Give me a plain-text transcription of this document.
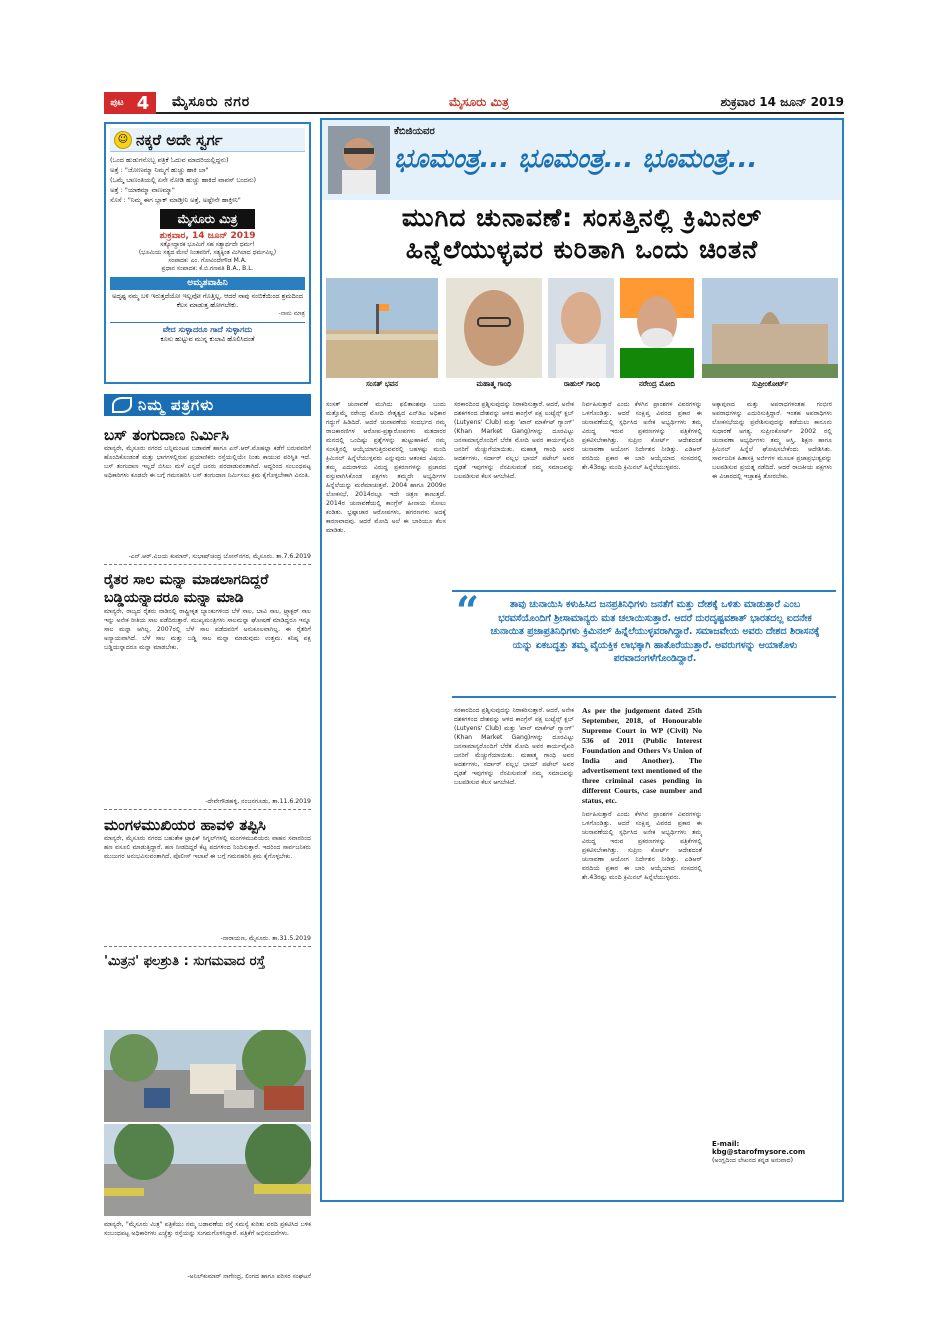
ಪುಟ 4	ಮೈಸೂರು ನಗರ	ಮೈಸೂರು ಮಿತ್ರ	ಶುಕ್ರವಾರ 14 ಜೂನ್ 2019
☺ ನಕ್ಕರೆ ಅದೇ ಸ್ವರ್ಗ
(ಒಂದ ಹುಡುಗನೊಬ್ಬ ಪತ್ರಿಕೆ ಓದುವ ಮಾದರಿಯಲ್ಲಿದ್ದನು)
ಅತ್ತೆ : "ಜೋಣಮ್ಮಾ ನಿಮ್ಮಗೆ ಹುಚ್ಚು ಹಾಕಿ ಬಾ"
(ಒಮ್ಮೆ ಬಾಣಂತಿಯಲ್ಲಿ ಏನೇ ನೋಡಿ ಹುಚ್ಚು ಹಾಕಿದೆ ವಾಪಸ್ ಬಂದನು)
ಅತ್ತೆ : "ಯಾಕಮ್ಮಾ ವಾಣಮ್ಮಾ"
ಸೊಸೆ : "ನಿಮ್ಮ ಈಗ ಬ್ಲಾಕ್ ಮಾಡ್ತೀನಿ ಅತ್ತೆ, ಅಷ್ಟೇನೇ ಹಾಕ್ತೀನಿ"
ಮೈಸೂರು ಮಿತ್ರ
ಶುಕ್ರವಾರ, 14 ಜೂನ್ 2019
ಸತ್ಯೋದ್ಧಾರಕ ಭೂಮಿಗೆ ಸಹ ಸತ್ಯಾರ್ಥದೇ ಧರ್ಮ!
(ಭೂಮಿಯ ಸತ್ಯದ ಮೇಲೆ ನಿಂತವರಿಗೆ, ಸತ್ಯಕ್ಕಿಂತ ಮಿಗಿಲಾದ ಧರ್ಮವಿಲ್ಲ)
ಸಂಪಾದಕ: ಎಂ. ಗೋವಿಂದೇಗೌಡ M.A.
ಪ್ರಧಾನ ಸಂಪಾದಕ: ಕೆ.ಬಿ.ಗಣಪತಿ B.A., B.L.
ಅಮೃತವಾಹಿನಿ
ಅದೃಷ್ಟ ನಮ್ಮ ಬಳಿ ಇರುತ್ತದೆಯೋ ಇಲ್ಲವೋ ಗೊತ್ತಿಲ್ಲ, ಆದರೆ ನಾವು ನಂಬಿಕೆಯಿಂದ ಶ್ರಮದಿಂದ ಕೆಲಸ ಮಾಡುತ್ತ ಹೋಗಬೇಕು.
-ನಾಮ ಮಾತ್ರ
ವೇದ ಸುಳ್ಳಾದರೂ ಗಾದೆ ಸುಳ್ಳಾಗದು
ಕೂಸು ಹುಟ್ಟುವ ಮುನ್ನ ಕುಲಾವಿ ಹೊಲಿಸಿದಂತೆ
ನಿಮ್ಮ ಪತ್ರಗಳು
ಬಸ್ ತಂಗುದಾಣ ನಿರ್ಮಿಸಿ
ಮಾನ್ಯರೇ, ಮೈಸೂರು ನಗರದ ಬನ್ನಿಮಂಟಪ ಬಡಾವಣೆ ಹಾಗೂ ಎನ್.ಆರ್.ಮೊಹಲ್ಲಾ ಕಡೆಗೆ ಬರುವವರಿಗೆ ಹೊಂದಿಕೊಂಡಂತೆ ಮತ್ತು ಭಾಗಗಳಲ್ಲಿರುವ ಪ್ರಯಾಣಿಕರು ರಸ್ತೆಯಲ್ಲಿಯೇ ನಿಂತು ಕಾಯುವ ಪರಿಸ್ಥಿತಿ ಇದೆ. ಬಸ್ ತಂಗುದಾಣ ಇಲ್ಲದೆ ಬಿಸಿಲು ಮಳೆ ಎನ್ನದೆ ಜನರು ಪರದಾಡುವಂತಾಗಿದೆ. ಆದ್ದರಿಂದ ಸಂಬಂಧಪಟ್ಟ ಅಧಿಕಾರಿಗಳು ಕೂಡಲೇ ಈ ಬಗ್ಗೆ ಗಮನಹರಿಸಿ ಬಸ್ ತಂಗುದಾಣ ನಿರ್ಮಿಸಲು ಕ್ರಮ ಕೈಗೊಳ್ಳಬೇಕಾಗಿ ವಿನಂತಿ.
-ಎನ್.ಆರ್.ವಿಜಯ ಕುಮಾರ್, ಸುಭಾಷ್‌ಚಂದ್ರ ಬೋಸ್‌ನಗರ, ಮೈಸೂರು. ತಾ.7.6.2019
ರೈತರ ಸಾಲ ಮನ್ನಾ ಮಾಡಲಾಗದಿದ್ದರೆ ಬಡ್ಡಿಯನ್ನಾದರೂ ಮನ್ನಾ ಮಾಡಿ
ಮಾನ್ಯರೇ, ರಾಜ್ಯದ ರೈತರು ನಾಡಿನಲ್ಲಿ ರಾಷ್ಟ್ರೀಕೃತ ಬ್ಯಾಂಕುಗಳಿಂದ ಬೆಳೆ ಸಾಲ, ಬಾವಿ ಸಾಲ, ಟ್ರ್ಯಾಕ್ಟರ್ ಸಾಲ ಇನ್ನು ಅನೇಕ ರೀತಿಯ ಸಾಲ ಪಡೆದಿರುತ್ತಾರೆ. ಮುಖ್ಯಮಂತ್ರಿಗಳು ಸಾಲಮನ್ನಾ ಘೋಷಣೆ ಮಾಡಿದ್ದರೂ ಇನ್ನೂ ಸಾಲ ಮನ್ನಾ ಆಗಿಲ್ಲ. 2007ರಲ್ಲಿ ಬೆಳೆ ಸಾಲ ಪಡೆದವರಿಗೆ ಅನುಕೂಲವಾಗಿಲ್ಲ. ಈ ರೈತರಿಗೆ ಅನ್ಯಾಯವಾಗಿದೆ. ಬೆಳೆ ಸಾಲ ಮತ್ತು ಬಡ್ಡಿ ಸಾಲ ಮನ್ನಾ ಮಾಡುವುದು ಉತ್ತಮ. ಕನಿಷ್ಠ ಪಕ್ಷ ಬಡ್ಡಿಯನ್ನಾದರೂ ಮನ್ನಾ ಮಾಡಬೇಕು.
-ದೇವೇಗೌಡಹಳ್ಳಿ, ನಂಜನಗೂಡು, ತಾ.11.6.2019
ಮಂಗಳಮುಖಿಯರ ಹಾವಳಿ ತಪ್ಪಿಸಿ
ಮಾನ್ಯರೇ, ಮೈಸೂರು ನಗರದ ಬಹುತೇಕ ಟ್ರಾಫಿಕ್ ಸಿಗ್ನಲ್‌ಗಳಲ್ಲಿ ಮಂಗಳಮುಖಿಯರು ವಾಹನ ಸವಾರರಿಂದ ಹಣ ವಸೂಲಿ ಮಾಡುತ್ತಿದ್ದಾರೆ. ಹಣ ನೀಡದಿದ್ದರೆ ಕೆಟ್ಟ ಪದಗಳಿಂದ ನಿಂದಿಸುತ್ತಾರೆ. ಇದರಿಂದ ಸಾರ್ವಜನಿಕರು ಮುಜುಗರ ಅನುಭವಿಸುವಂತಾಗಿದೆ. ಪೊಲೀಸ್ ಇಲಾಖೆ ಈ ಬಗ್ಗೆ ಗಮನಹರಿಸಿ ಕ್ರಮ ಕೈಗೊಳ್ಳಬೇಕು.
-ನಾರಾಯಣ, ಮೈಸೂರು. ತಾ.31.5.2019
'ಮಿತ್ರನ' ಫಲಶ್ರುತಿ : ಸುಗಮವಾದ ರಸ್ತೆ
ಮಾನ್ಯರೇ, "ಮೈಸೂರು ಮಿತ್ರ" ಪತ್ರಿಕೆಯು ನಮ್ಮ ಬಡಾವಣೆಯ ರಸ್ತೆ ಸಮಸ್ಯೆ ಕುರಿತು ವರದಿ ಪ್ರಕಟಿಸಿದ ಬಳಿಕ ಸಂಬಂಧಪಟ್ಟ ಅಧಿಕಾರಿಗಳು ಎಚ್ಚೆತ್ತು ರಸ್ತೆಯನ್ನು ಸುಗಮಗೊಳಿಸಿದ್ದಾರೆ. ಪತ್ರಿಕೆಗೆ ಅಭಿನಂದನೆಗಳು.
-ಅನಿಲ್‌ಕುಮಾರ್ ನಾಗೇಂದ್ರ, ಲಿಂಗದ ಹಾಗೂ ಪರಿಸರ ಸಂಘಟನೆ
ಕೆಬಿಜಿಯವರ
ಭೂಮಂತ್ರ... ಭೂಮಂತ್ರ... ಭೂಮಂತ್ರ...
ಮುಗಿದ ಚುನಾವಣೆ: ಸಂಸತ್ತಿನಲ್ಲಿ ಕ್ರಿಮಿನಲ್
ಹಿನ್ನೆಲೆಯುಳ್ಳವರ ಕುರಿತಾಗಿ ಒಂದು ಚಿಂತನೆ
ಸಂಸತ್ ಭವನ	ಮಹಾತ್ಮ ಗಾಂಧಿ	ರಾಹುಲ್ ಗಾಂಧಿ	ನರೇಂದ್ರ ಮೋದಿ	ಸುಪ್ರೀಂಕೋರ್ಟ್
ಸಂಸತ್ ಚುನಾವಣೆ ಮುಗಿದು ಫಲಿತಾಂಶವೂ ಬಂದು ಮತ್ತೊಮ್ಮೆ ನರೇಂದ್ರ ಮೋದಿ ನೇತೃತ್ವದ ಎನ್‌ಡಿಎ ಅಧಿಕಾರ ಗದ್ದುಗೆ ಹಿಡಿದಿದೆ. ಆದರೆ ಚುನಾವಣೆಯ ಸಂದರ್ಭದ ನಮ್ಮ ರಾಜಕಾರಣಿಗಳ ಆರೋಪ-ಪ್ರತ್ಯಾರೋಪಗಳು ಮತದಾರರ ಮನದಲ್ಲಿ ಒಂದಿಷ್ಟು ಪ್ರಶ್ನೆಗಳನ್ನು ಹುಟ್ಟುಹಾಕಿವೆ. ನಮ್ಮ ಸಂಸತ್ತಿನಲ್ಲಿ ಆಯ್ಕೆಯಾಗುತ್ತಿರುವವರಲ್ಲಿ ಬಹಳಷ್ಟು ಮಂದಿ ಕ್ರಿಮಿನಲ್ ಹಿನ್ನೆಲೆಯುಳ್ಳವರು ಎನ್ನುವುದು ಆತಂಕದ ವಿಷಯ. ತಮ್ಮ ಎದುರಾಳಿಯ ವಿರುದ್ಧ ಪ್ರಕರಣಗಳನ್ನು ಪ್ರಚಾರದ ವಸ್ತುವಾಗಿಸಿಕೊಂಡ ಪಕ್ಷಗಳು ತಮ್ಮದೇ ಅಭ್ಯರ್ಥಿಗಳ ಹಿನ್ನೆಲೆಯನ್ನು ಮರೆಮಾಚುತ್ತವೆ. 2004 ಹಾಗೂ 2009ರ ಲೋಕಸಭೆ, 2014ರಲ್ಲೂ ಇದೇ ಚಿತ್ರಣ ಕಾಣುತ್ತದೆ. 2014ರ ಚುನಾವಣೆಯಲ್ಲಿ ಕಾಂಗ್ರೆಸ್ ಹೀನಾಯ ಸೋಲು ಕಂಡಿತು. ಭ್ರಷ್ಟಾಚಾರ ಆರೋಪಗಳು, ಹಗರಣಗಳು ಅದಕ್ಕೆ ಕಾರಣವಾದವು. ಆದರೆ ಮೋದಿ ಅಲೆ ಈ ಬಾರಿಯೂ ಕೆಲಸ ಮಾಡಿತು.
ಸರಕಾರದಿಂದ ಪ್ರಶ್ನಿಸುವುದನ್ನು ನಿರಾಕರಿಸುತ್ತಾರೆ. ಆದರೆ, ಅನೇಕ ದಶಕಗಳಿಂದ ದೇಶವನ್ನು ಆಳಿದ ಕಾಂಗ್ರೆಸ್ ಪಕ್ಷ ಲುಟ್ಯೆನ್ಸ್ ಕ್ಲಬ್ (Lutyens' Club) ಮತ್ತು 'ಖಾನ್ ಮಾರ್ಕೆಟ್ ಗ್ಯಾಂಗ್' (Khan Market Gang)ಗಳನ್ನು ದೂರವಿಟ್ಟು ಜನಸಾಮಾನ್ಯರೊಂದಿಗೆ ಬೆರೆತ ಮೋದಿ ಅವರ ಕಾರ್ಯವೈಖರಿ ಜನರಿಗೆ ಮೆಚ್ಚುಗೆಯಾಯಿತು. ಮಹಾತ್ಮ ಗಾಂಧಿ ಅವರ ಆದರ್ಶಗಳು, ಸರ್ದಾರ್ ವಲ್ಲಭ ಭಾಯ್ ಪಟೇಲ್ ಅವರ ದೃಢತೆ ಇವುಗಳನ್ನು ನೆನಪಿಸುವಂತೆ ನಮ್ಮ ಸಮಾಜವನ್ನು ಬಲಪಡಿಸುವ ಕೆಲಸ ಆಗಬೇಕಿದೆ.
ನಿರ್ವಹಿಸುತ್ತಾರೆ ಎಂದು ಕೆಳಗಿನ ಪ್ರಾಂಶಗಳ ವಿವರಗಳನ್ನು ಒಳಗೊಂಡಿತ್ತು. ಆದರೆ ಸಂಕ್ಷಿಪ್ತ ವಿವರದ ಪ್ರಕಾರ ಈ ಚುನಾವಣೆಯಲ್ಲಿ ಸ್ಪರ್ಧಿಸಿದ ಅನೇಕ ಅಭ್ಯರ್ಥಿಗಳು ತಮ್ಮ ವಿರುದ್ಧ ಇರುವ ಪ್ರಕರಣಗಳನ್ನು ಪತ್ರಿಕೆಗಳಲ್ಲಿ ಪ್ರಕಟಿಸಬೇಕಾಗಿತ್ತು. ಸುಪ್ರೀಂ ಕೋರ್ಟ್ ಆದೇಶದಂತೆ ಚುನಾವಣಾ ಆಯೋಗ ನಿರ್ದೇಶನ ನೀಡಿತ್ತು. ಎಡಿಆರ್ ವರದಿಯ ಪ್ರಕಾರ ಈ ಬಾರಿ ಆಯ್ಕೆಯಾದ ಸಂಸದರಲ್ಲಿ ಶೇ.43ರಷ್ಟು ಮಂದಿ ಕ್ರಿಮಿನಲ್ ಹಿನ್ನೆಲೆಯುಳ್ಳವರು.
ಅಕ್ಕಾಪುಣದ ಮತ್ತು ಅಪರಾಧಗಳಂತಹ ಗಂಭೀರ ಅಪರಾಧಗಳನ್ನು ಎದುರಿಸುತ್ತಿದ್ದಾರೆ. ಇಂತಹ ಅಪರಾಧಿಗಳು ಲೋಕಸಭೆಯನ್ನು ಪ್ರವೇಶಿಸುವುದನ್ನು ತಡೆಯಲು ಕಾನೂನು ಸುಧಾರಣೆ ಅಗತ್ಯ. ಸುಪ್ರೀಂಕೋರ್ಟ್ 2002 ರಲ್ಲಿ ಚುನಾವಣಾ ಅಭ್ಯರ್ಥಿಗಳು ತಮ್ಮ ಆಸ್ತಿ, ಶಿಕ್ಷಣ ಹಾಗೂ ಕ್ರಿಮಿನಲ್ ಹಿನ್ನೆಲೆ ಘೋಷಿಸಬೇಕೆಂದು ಆದೇಶಿಸಿತು. ಸಾರ್ವಜನಿಕ ಹಿತಾಸಕ್ತಿ ಅರ್ಜಿಗಳ ಮೂಲಕ ಪ್ರಜಾಪ್ರಭುತ್ವವನ್ನು ಬಲಪಡಿಸುವ ಪ್ರಯತ್ನ ನಡೆದಿದೆ. ಆದರೆ ರಾಜಕೀಯ ಪಕ್ಷಗಳು ಈ ವಿಚಾರದಲ್ಲಿ ಇಚ್ಛಾಶಕ್ತಿ ತೋರಬೇಕು.
E-mail: kbg@starofmysore.com
(ಅಂಗ್ಲದಿಂದ ಲೇಖನದ ಕನ್ನಡ ಅನುವಾದ)
“	ತಾವು ಚುನಾಯಿಸಿ ಕಳುಹಿಸಿದ ಜನಪ್ರತಿನಿಧಿಗಳು ಜನತೆಗೆ ಮತ್ತು ದೇಶಕ್ಕೆ ಒಳಿತು ಮಾಡುತ್ತಾರೆ ಎಂಬ ಭರವಸೆಯೊಂದಿಗೆ ಶ್ರೀಸಾಮಾನ್ಯರು ಮತ ಚಲಾಯಿಸುತ್ತಾರೆ. ಆದರೆ ದುರದೃಷ್ಟವಶಾತ್ ಭಾರತದಲ್ಲ ಐದನೇಕ ಚುನಾಯಿತ ಪ್ರಜಾಪ್ರತಿನಿಧಿಗಳು ಕ್ರಿಮಿನಲ್ ಹಿನ್ನೆಲೆಯುಳ್ಳವರಾಗಿದ್ದಾರೆ. ಸಮಾಜವೇಯ ಅವರು ದೇಶದ ಶಿರಾಸನಕ್ಕೆ ಯನ್ನು ಏಕಬದ್ಧತ್ತು ತಮ್ಮ ವೈಯಕ್ತಿಕ ಲಾಭಕ್ಕಾಗಿ ಹಾತೊರೆಯುತ್ತಾರೆ. ಅವರುಗಳನ್ನು ಆಯಾಕೊಳು ಪರವಾದಂಗಳೆಗೊಂಡಿದ್ದಾರೆ.
ಸರಕಾರದಿಂದ ಪ್ರಶ್ನಿಸುವುದನ್ನು ನಿರಾಕರಿಸುತ್ತಾರೆ. ಆದರೆ, ಅನೇಕ ದಶಕಗಳಿಂದ ದೇಶವನ್ನು ಆಳಿದ ಕಾಂಗ್ರೆಸ್ ಪಕ್ಷ ಲುಟ್ಯೆನ್ಸ್ ಕ್ಲಬ್ (Lutyens' Club) ಮತ್ತು 'ಖಾನ್ ಮಾರ್ಕೆಟ್ ಗ್ಯಾಂಗ್' (Khan Market Gang)ಗಳನ್ನು ದೂರವಿಟ್ಟು ಜನಸಾಮಾನ್ಯರೊಂದಿಗೆ ಬೆರೆತ ಮೋದಿ ಅವರ ಕಾರ್ಯವೈಖರಿ ಜನರಿಗೆ ಮೆಚ್ಚುಗೆಯಾಯಿತು. ಮಹಾತ್ಮ ಗಾಂಧಿ ಅವರ ಆದರ್ಶಗಳು, ಸರ್ದಾರ್ ವಲ್ಲಭ ಭಾಯ್ ಪಟೇಲ್ ಅವರ ದೃಢತೆ ಇವುಗಳನ್ನು ನೆನಪಿಸುವಂತೆ ನಮ್ಮ ಸಮಾಜವನ್ನು ಬಲಪಡಿಸುವ ಕೆಲಸ ಆಗಬೇಕಿದೆ.
As per the judgement dated 25th September, 2018, of Honourable Supreme Court in WP (Civil) No 536 of 2011 (Public Interest Foundation and Others Vs Union of India and Another). The advertisement text mentioned of the three criminal cases pending in different Courts, case number and status, etc.
ನಿರ್ವಹಿಸುತ್ತಾರೆ ಎಂದು ಕೆಳಗಿನ ಪ್ರಾಂಶಗಳ ವಿವರಗಳನ್ನು ಒಳಗೊಂಡಿತ್ತು. ಆದರೆ ಸಂಕ್ಷಿಪ್ತ ವಿವರದ ಪ್ರಕಾರ ಈ ಚುನಾವಣೆಯಲ್ಲಿ ಸ್ಪರ್ಧಿಸಿದ ಅನೇಕ ಅಭ್ಯರ್ಥಿಗಳು ತಮ್ಮ ವಿರುದ್ಧ ಇರುವ ಪ್ರಕರಣಗಳನ್ನು ಪತ್ರಿಕೆಗಳಲ್ಲಿ ಪ್ರಕಟಿಸಬೇಕಾಗಿತ್ತು. ಸುಪ್ರೀಂ ಕೋರ್ಟ್ ಆದೇಶದಂತೆ ಚುನಾವಣಾ ಆಯೋಗ ನಿರ್ದೇಶನ ನೀಡಿತ್ತು. ಎಡಿಆರ್ ವರದಿಯ ಪ್ರಕಾರ ಈ ಬಾರಿ ಆಯ್ಕೆಯಾದ ಸಂಸದರಲ್ಲಿ ಶೇ.43ರಷ್ಟು ಮಂದಿ ಕ್ರಿಮಿನಲ್ ಹಿನ್ನೆಲೆಯುಳ್ಳವರು.
